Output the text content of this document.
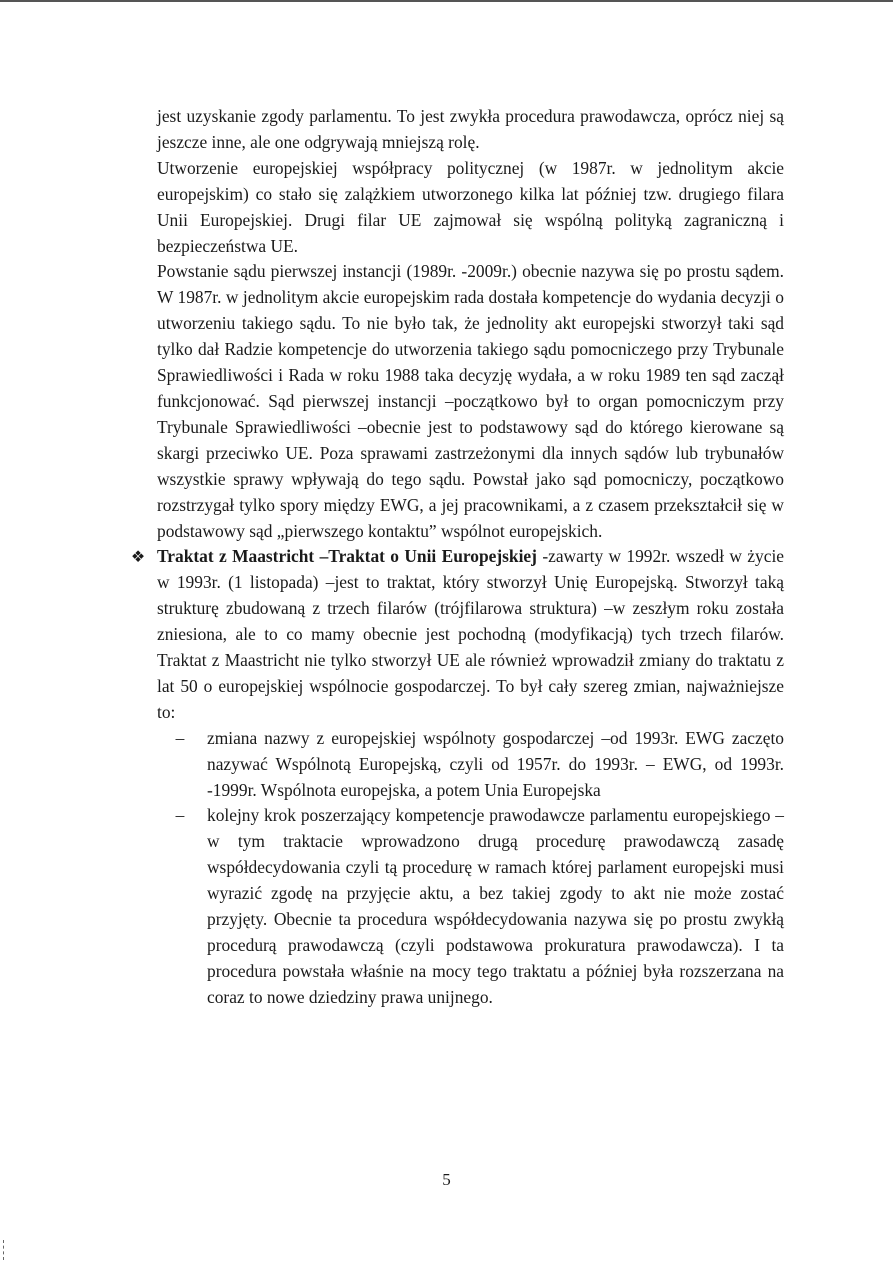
jest uzyskanie zgody parlamentu. To jest zwykła procedura prawodawcza, oprócz niej są jeszcze inne, ale one odgrywają mniejszą rolę.

Utworzenie europejskiej współpracy politycznej (w 1987r. w jednolitym akcie europejskim) co stało się zalążkiem utworzonego kilka lat później tzw. drugiego filara Unii Europejskiej. Drugi filar UE zajmował się wspólną polityką zagraniczną i bezpieczeństwa UE.

Powstanie sądu pierwszej instancji (1989r. -2009r.) obecnie nazywa się po prostu sądem. W 1987r. w jednolitym akcie europejskim rada dostała kompetencje do wydania decyzji o utworzeniu takiego sądu. To nie było tak, że jednolity akt europejski stworzył taki sąd tylko dał Radzie kompetencje do utworzenia takiego sądu pomocniczego przy Trybunale Sprawiedliwości i Rada w roku 1988 taka decyzję wydała, a w roku 1989 ten sąd zaczął funkcjonować. Sąd pierwszej instancji –początkowo był to organ pomocniczym przy Trybunale Sprawiedliwości –obecnie jest to podstawowy sąd do którego kierowane są skargi przeciwko UE. Poza sprawami zastrzeżonymi dla innych sądów lub trybunałów wszystkie sprawy wpływają do tego sądu. Powstał jako sąd pomocniczy, początkowo rozstrzygał tylko spory między EWG, a jej pracownikami, a z czasem przekształcił się w podstawowy sąd „pierwszego kontaktu” wspólnot europejskich.

❖ Traktat z Maastricht –Traktat o Unii Europejskiej -zawarty w 1992r. wszedł w życie w 1993r. (1 listopada) –jest to traktat, który stworzył Unię Europejską. Stworzył taką strukturę zbudowaną z trzech filarów (trójfilarowa struktura) –w zeszłym roku została zniesiona, ale to co mamy obecnie jest pochodną (modyfikacją) tych trzech filarów. Traktat z Maastricht nie tylko stworzył UE ale również wprowadził zmiany do traktatu z lat 50 o europejskiej wspólnocie gospodarczej. To był cały szereg zmian, najważniejsze to:
– zmiana nazwy z europejskiej wspólnoty gospodarczej –od 1993r. EWG zaczęto nazywać Wspólnotą Europejską, czyli od 1957r. do 1993r. – EWG, od 1993r. -1999r. Wspólnota europejska, a potem Unia Europejska
– kolejny krok poszerzający kompetencje prawodawcze parlamentu europejskiego –w tym traktacie wprowadzono drugą procedurę prawodawczą zasadę współdecydowania czyli tą procedurę w ramach której parlament europejski musi wyrazić zgodę na przyjęcie aktu, a bez takiej zgody to akt nie może zostać przyjęty. Obecnie ta procedura współdecydowania nazywa się po prostu zwykłą procedurą prawodawczą (czyli podstawowa prokuratura prawodawcza). I ta procedura powstała właśnie na mocy tego traktatu a później była rozszerzana na coraz to nowe dziedziny prawa unijnego.
5
